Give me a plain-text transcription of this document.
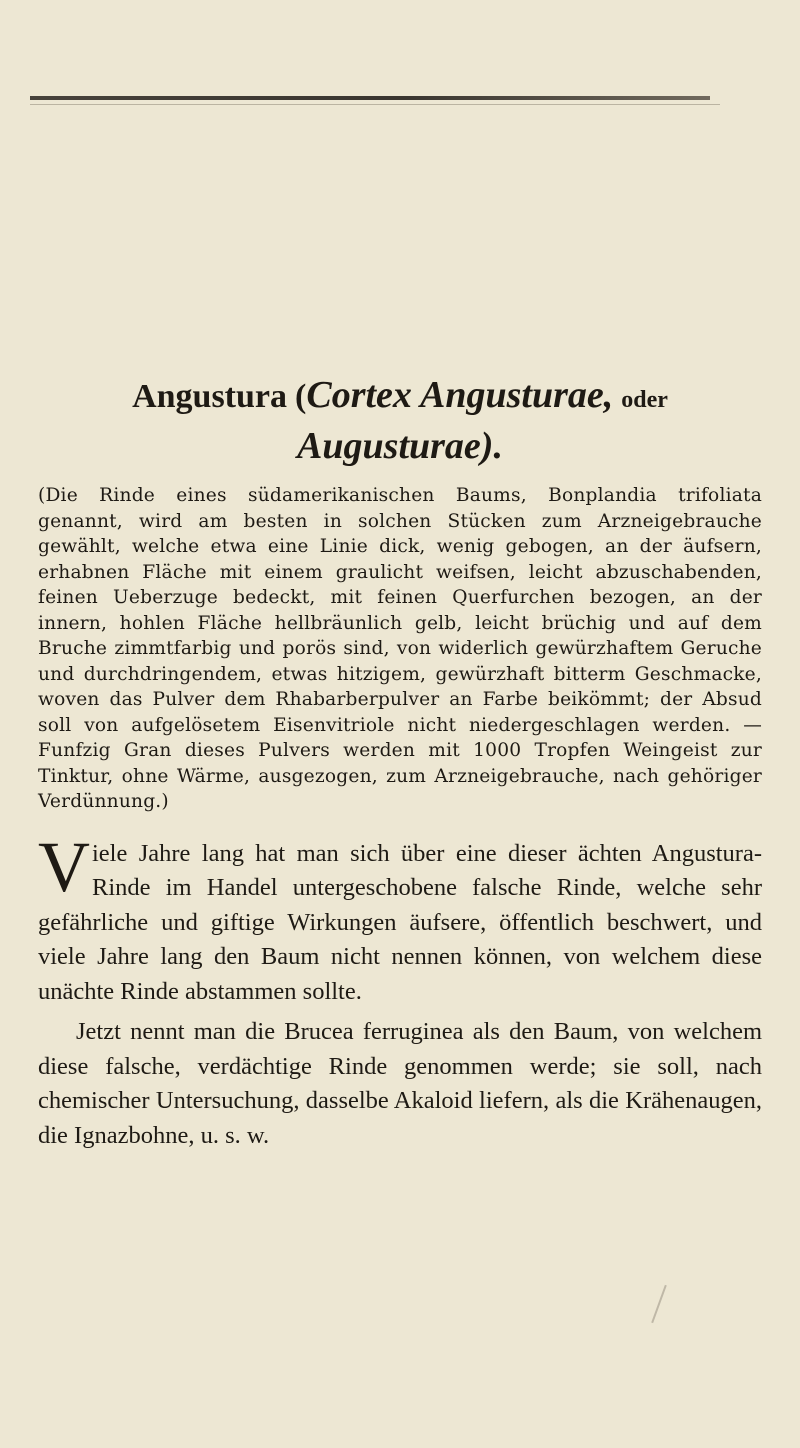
Angustura (Cortex Angusturae, oder
Augusturae).

(Die Rinde eines südamerikanischen Baums, Bonplandia trifoliata genannt, wird am besten in solchen Stücken zum Arzneigebrauche gewählt, welche etwa eine Linie dick, wenig gebogen, an der äufsern, erhabnen Fläche mit einem graulicht weifsen, leicht abzuschabenden, feinen Ueberzuge bedeckt, mit feinen Querfurchen bezogen, an der innern, hohlen Fläche hellbräunlich gelb, leicht brüchig und auf dem Bruche zimmtfarbig und porös sind, von widerlich gewürzhaftem Geruche und durchdringendem, etwas hitzigem, gewürzhaft bitterm Geschmacke, woven das Pulver dem Rhabarberpulver an Farbe beikömmt; der Absud soll von aufgelösetem Eisenvitriole nicht niedergeschlagen werden. — Funfzig Gran dieses Pulvers werden mit 1000 Tropfen Weingeist zur Tinktur, ohne Wärme, ausgezogen, zum Arzneigebrauche, nach gehöriger Verdünnung.)

Viele Jahre lang hat man sich über eine dieser ächten Angustura-Rinde im Handel untergeschobene falsche Rinde, welche sehr gefährliche und giftige Wirkungen äufsere, öffentlich beschwert, und viele Jahre lang den Baum nicht nennen können, von welchem diese unächte Rinde abstammen sollte.

Jetzt nennt man die Brucea ferruginea als den Baum, von welchem diese falsche, verdächtige Rinde genommen werde; sie soll, nach chemischer Untersuchung, dasselbe Akaloid liefern, als die Krähenaugen, die Ignazbohne, u. s. w.
